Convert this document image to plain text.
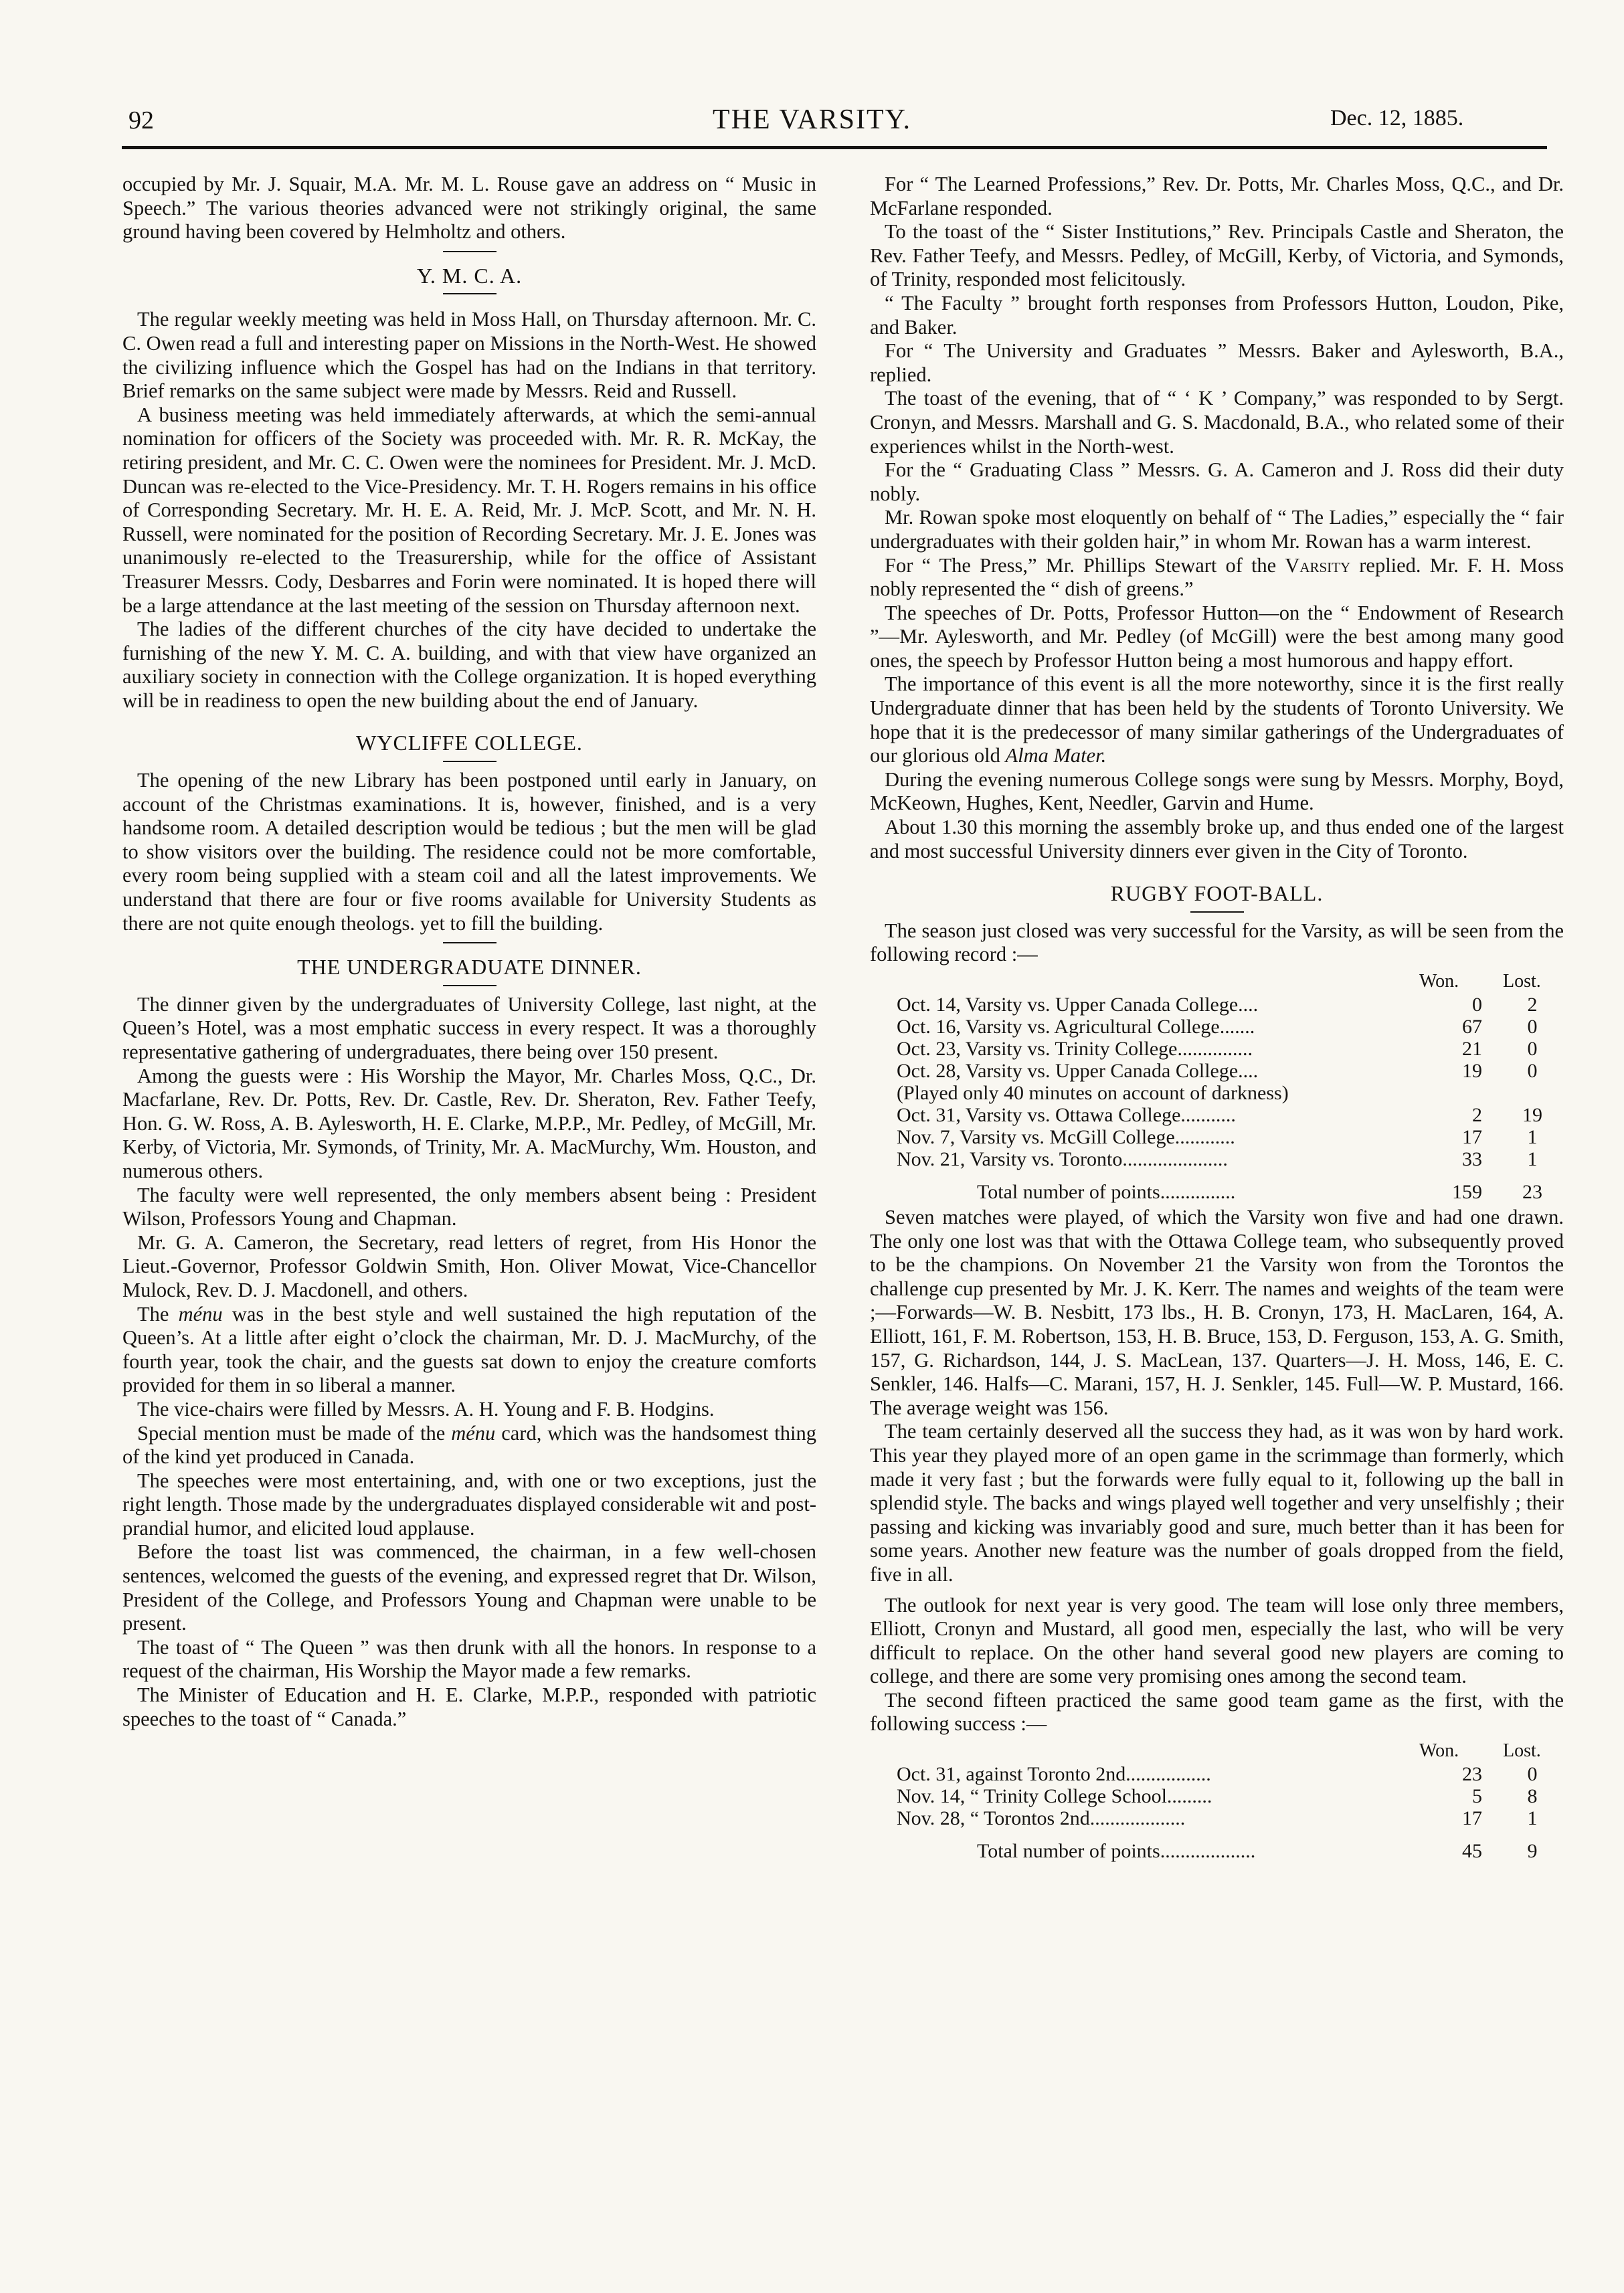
92	THE VARSITY.	Dec. 12, 1885.

occupied by Mr. J. Squair, M.A. Mr. M. L. Rouse gave an address on “ Music in Speech.” The various theories advanced were not strikingly original, the same ground having been covered by Helmholtz and others.

Y. M. C. A.

The regular weekly meeting was held in Moss Hall, on Thursday afternoon. Mr. C. C. Owen read a full and interesting paper on Missions in the North-West. He showed the civilizing influence which the Gospel has had on the Indians in that territory. Brief remarks on the same subject were made by Messrs. Reid and Russell.

A business meeting was held immediately afterwards, at which the semi-annual nomination for officers of the Society was proceeded with. Mr. R. R. McKay, the retiring president, and Mr. C. C. Owen were the nominees for President. Mr. J. McD. Duncan was re-elected to the Vice-Presidency. Mr. T. H. Rogers remains in his office of Corresponding Secretary. Mr. H. E. A. Reid, Mr. J. McP. Scott, and Mr. N. H. Russell, were nominated for the position of Recording Secretary. Mr. J. E. Jones was unanimously re-elected to the Treasurership, while for the office of Assistant Treasurer Messrs. Cody, Desbarres and Forin were nominated. It is hoped there will be a large attendance at the last meeting of the session on Thursday afternoon next.

The ladies of the different churches of the city have decided to undertake the furnishing of the new Y. M. C. A. building, and with that view have organized an auxiliary society in connection with the College organization. It is hoped everything will be in readiness to open the new building about the end of January.

WYCLIFFE COLLEGE.

The opening of the new Library has been postponed until early in January, on account of the Christmas examinations. It is, however, finished, and is a very handsome room. A detailed description would be tedious ; but the men will be glad to show visitors over the building. The residence could not be more comfortable, every room being supplied with a steam coil and all the latest improvements. We understand that there are four or five rooms available for University Students as there are not quite enough theologs. yet to fill the building.

THE UNDERGRADUATE DINNER.

The dinner given by the undergraduates of University College, last night, at the Queen’s Hotel, was a most emphatic success in every respect. It was a thoroughly representative gathering of undergraduates, there being over 150 present.

Among the guests were : His Worship the Mayor, Mr. Charles Moss, Q.C., Dr. Macfarlane, Rev. Dr. Potts, Rev. Dr. Castle, Rev. Dr. Sheraton, Rev. Father Teefy, Hon. G. W. Ross, A. B. Aylesworth, H. E. Clarke, M.P.P., Mr. Pedley, of McGill, Mr. Kerby, of Victoria, Mr. Symonds, of Trinity, Mr. A. MacMurchy, Wm. Houston, and numerous others.

The faculty were well represented, the only members absent being : President Wilson, Professors Young and Chapman.

Mr. G. A. Cameron, the Secretary, read letters of regret, from His Honor the Lieut.-Governor, Professor Goldwin Smith, Hon. Oliver Mowat, Vice-Chancellor Mulock, Rev. D. J. Macdonell, and others.

The ménu was in the best style and well sustained the high reputation of the Queen’s. At a little after eight o’clock the chairman, Mr. D. J. MacMurchy, of the fourth year, took the chair, and the guests sat down to enjoy the creature comforts provided for them in so liberal a manner.

The vice-chairs were filled by Messrs. A. H. Young and F. B. Hodgins.

Special mention must be made of the ménu card, which was the handsomest thing of the kind yet produced in Canada.

The speeches were most entertaining, and, with one or two exceptions, just the right length. Those made by the undergraduates displayed considerable wit and post-prandial humor, and elicited loud applause.

Before the toast list was commenced, the chairman, in a few well-chosen sentences, welcomed the guests of the evening, and expressed regret that Dr. Wilson, President of the College, and Professors Young and Chapman were unable to be present.

The toast of “ The Queen ” was then drunk with all the honors. In response to a request of the chairman, His Worship the Mayor made a few remarks.

The Minister of Education and H. E. Clarke, M.P.P., responded with patriotic speeches to the toast of “ Canada.”

For “ The Learned Professions,” Rev. Dr. Potts, Mr. Charles Moss, Q.C., and Dr. McFarlane responded.

To the toast of the “ Sister Institutions,” Rev. Principals Castle and Sheraton, the Rev. Father Teefy, and Messrs. Pedley, of McGill, Kerby, of Victoria, and Symonds, of Trinity, responded most felicitously.

“ The Faculty ” brought forth responses from Professors Hutton, Loudon, Pike, and Baker.

For “ The University and Graduates ” Messrs. Baker and Aylesworth, B.A., replied.

The toast of the evening, that of “ ‘ K ’ Company,” was responded to by Sergt. Cronyn, and Messrs. Marshall and G. S. Macdonald, B.A., who related some of their experiences whilst in the North-west.

For the “ Graduating Class ” Messrs. G. A. Cameron and J. Ross did their duty nobly.

Mr. Rowan spoke most eloquently on behalf of “ The Ladies,” especially the “ fair undergraduates with their golden hair,” in whom Mr. Rowan has a warm interest.

For “ The Press,” Mr. Phillips Stewart of the Varsity replied. Mr. F. H. Moss nobly represented the “ dish of greens.”

The speeches of Dr. Potts, Professor Hutton—on the “ Endowment of Research ”—Mr. Aylesworth, and Mr. Pedley (of McGill) were the best among many good ones, the speech by Professor Hutton being a most humorous and happy effort.

The importance of this event is all the more noteworthy, since it is the first really Undergraduate dinner that has been held by the students of Toronto University. We hope that it is the predecessor of many similar gatherings of the Undergraduates of our glorious old Alma Mater.

During the evening numerous College songs were sung by Messrs. Morphy, Boyd, McKeown, Hughes, Kent, Needler, Garvin and Hume.

About 1.30 this morning the assembly broke up, and thus ended one of the largest and most successful University dinners ever given in the City of Toronto.

RUGBY FOOT-BALL.

The season just closed was very successful for the Varsity, as will be seen from the following record :—

	Won.	Lost.
Oct. 14, Varsity vs. Upper Canada College....	0	2
Oct. 16, Varsity vs. Agricultural College.......	67	0
Oct. 23, Varsity vs. Trinity College...............	21	0
Oct. 28, Varsity vs. Upper Canada College....	19	0
(Played only 40 minutes on account of darkness)		
Oct. 31, Varsity vs. Ottawa College...........	2	19
Nov. 7, Varsity vs. McGill College............	17	1
Nov. 21, Varsity vs. Toronto.....................	33	1
Total number of points...............	159	23

Seven matches were played, of which the Varsity won five and had one drawn. The only one lost was that with the Ottawa College team, who subsequently proved to be the champions. On November 21 the Varsity won from the Torontos the challenge cup presented by Mr. J. K. Kerr. The names and weights of the team were ;—Forwards—W. B. Nesbitt, 173 lbs., H. B. Cronyn, 173, H. MacLaren, 164, A. Elliott, 161, F. M. Robertson, 153, H. B. Bruce, 153, D. Ferguson, 153, A. G. Smith, 157, G. Richardson, 144, J. S. MacLean, 137. Quarters—J. H. Moss, 146, E. C. Senkler, 146. Halfs—C. Marani, 157, H. J. Senkler, 145. Full—W. P. Mustard, 166. The average weight was 156.

The team certainly deserved all the success they had, as it was won by hard work. This year they played more of an open game in the scrimmage than formerly, which made it very fast ; but the forwards were fully equal to it, following up the ball in splendid style. The backs and wings played well together and very unselfishly ; their passing and kicking was invariably good and sure, much better than it has been for some years. Another new feature was the number of goals dropped from the field, five in all.

The outlook for next year is very good. The team will lose only three members, Elliott, Cronyn and Mustard, all good men, especially the last, who will be very difficult to replace. On the other hand several good new players are coming to college, and there are some very promising ones among the second team.

The second fifteen practiced the same good team game as the first, with the following success :—

	Won.	Lost.
Oct. 31, against Toronto 2nd.................	23	0
Nov. 14, “ Trinity College School.........	5	8
Nov. 28, “ Torontos 2nd...................	17	1
Total number of points...................	45	9
